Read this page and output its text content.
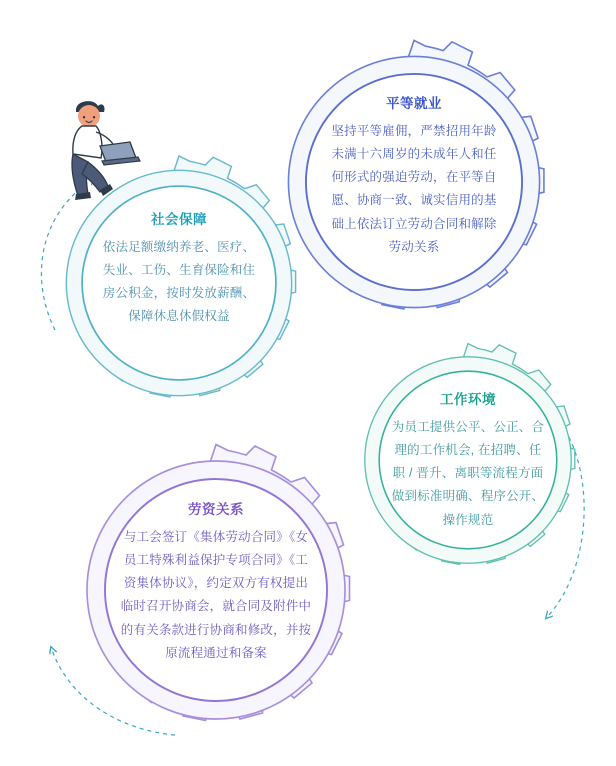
平等就业
坚持平等雇佣，严禁招用年龄未满十六周岁的未成年人和任何形式的强迫劳动，在平等自愿、协商一致、诚实信用的基础上依法订立劳动合同和解除劳动关系
社会保障
依法足额缴纳养老、医疗、失业、工伤、生育保险和住房公积金，按时发放薪酬、保障休息休假权益
工作环境
为员工提供公平、公正、合理的工作机会, 在招聘、任职 / 晋升、离职等流程方面做到标准明确、程序公开、操作规范
劳资关系
与工会签订《集体劳动合同》《女员工特殊利益保护专项合同》《工资集体协议》，约定双方有权提出临时召开协商会，就合同及附件中的有关条款进行协商和修改，并按原流程通过和备案
